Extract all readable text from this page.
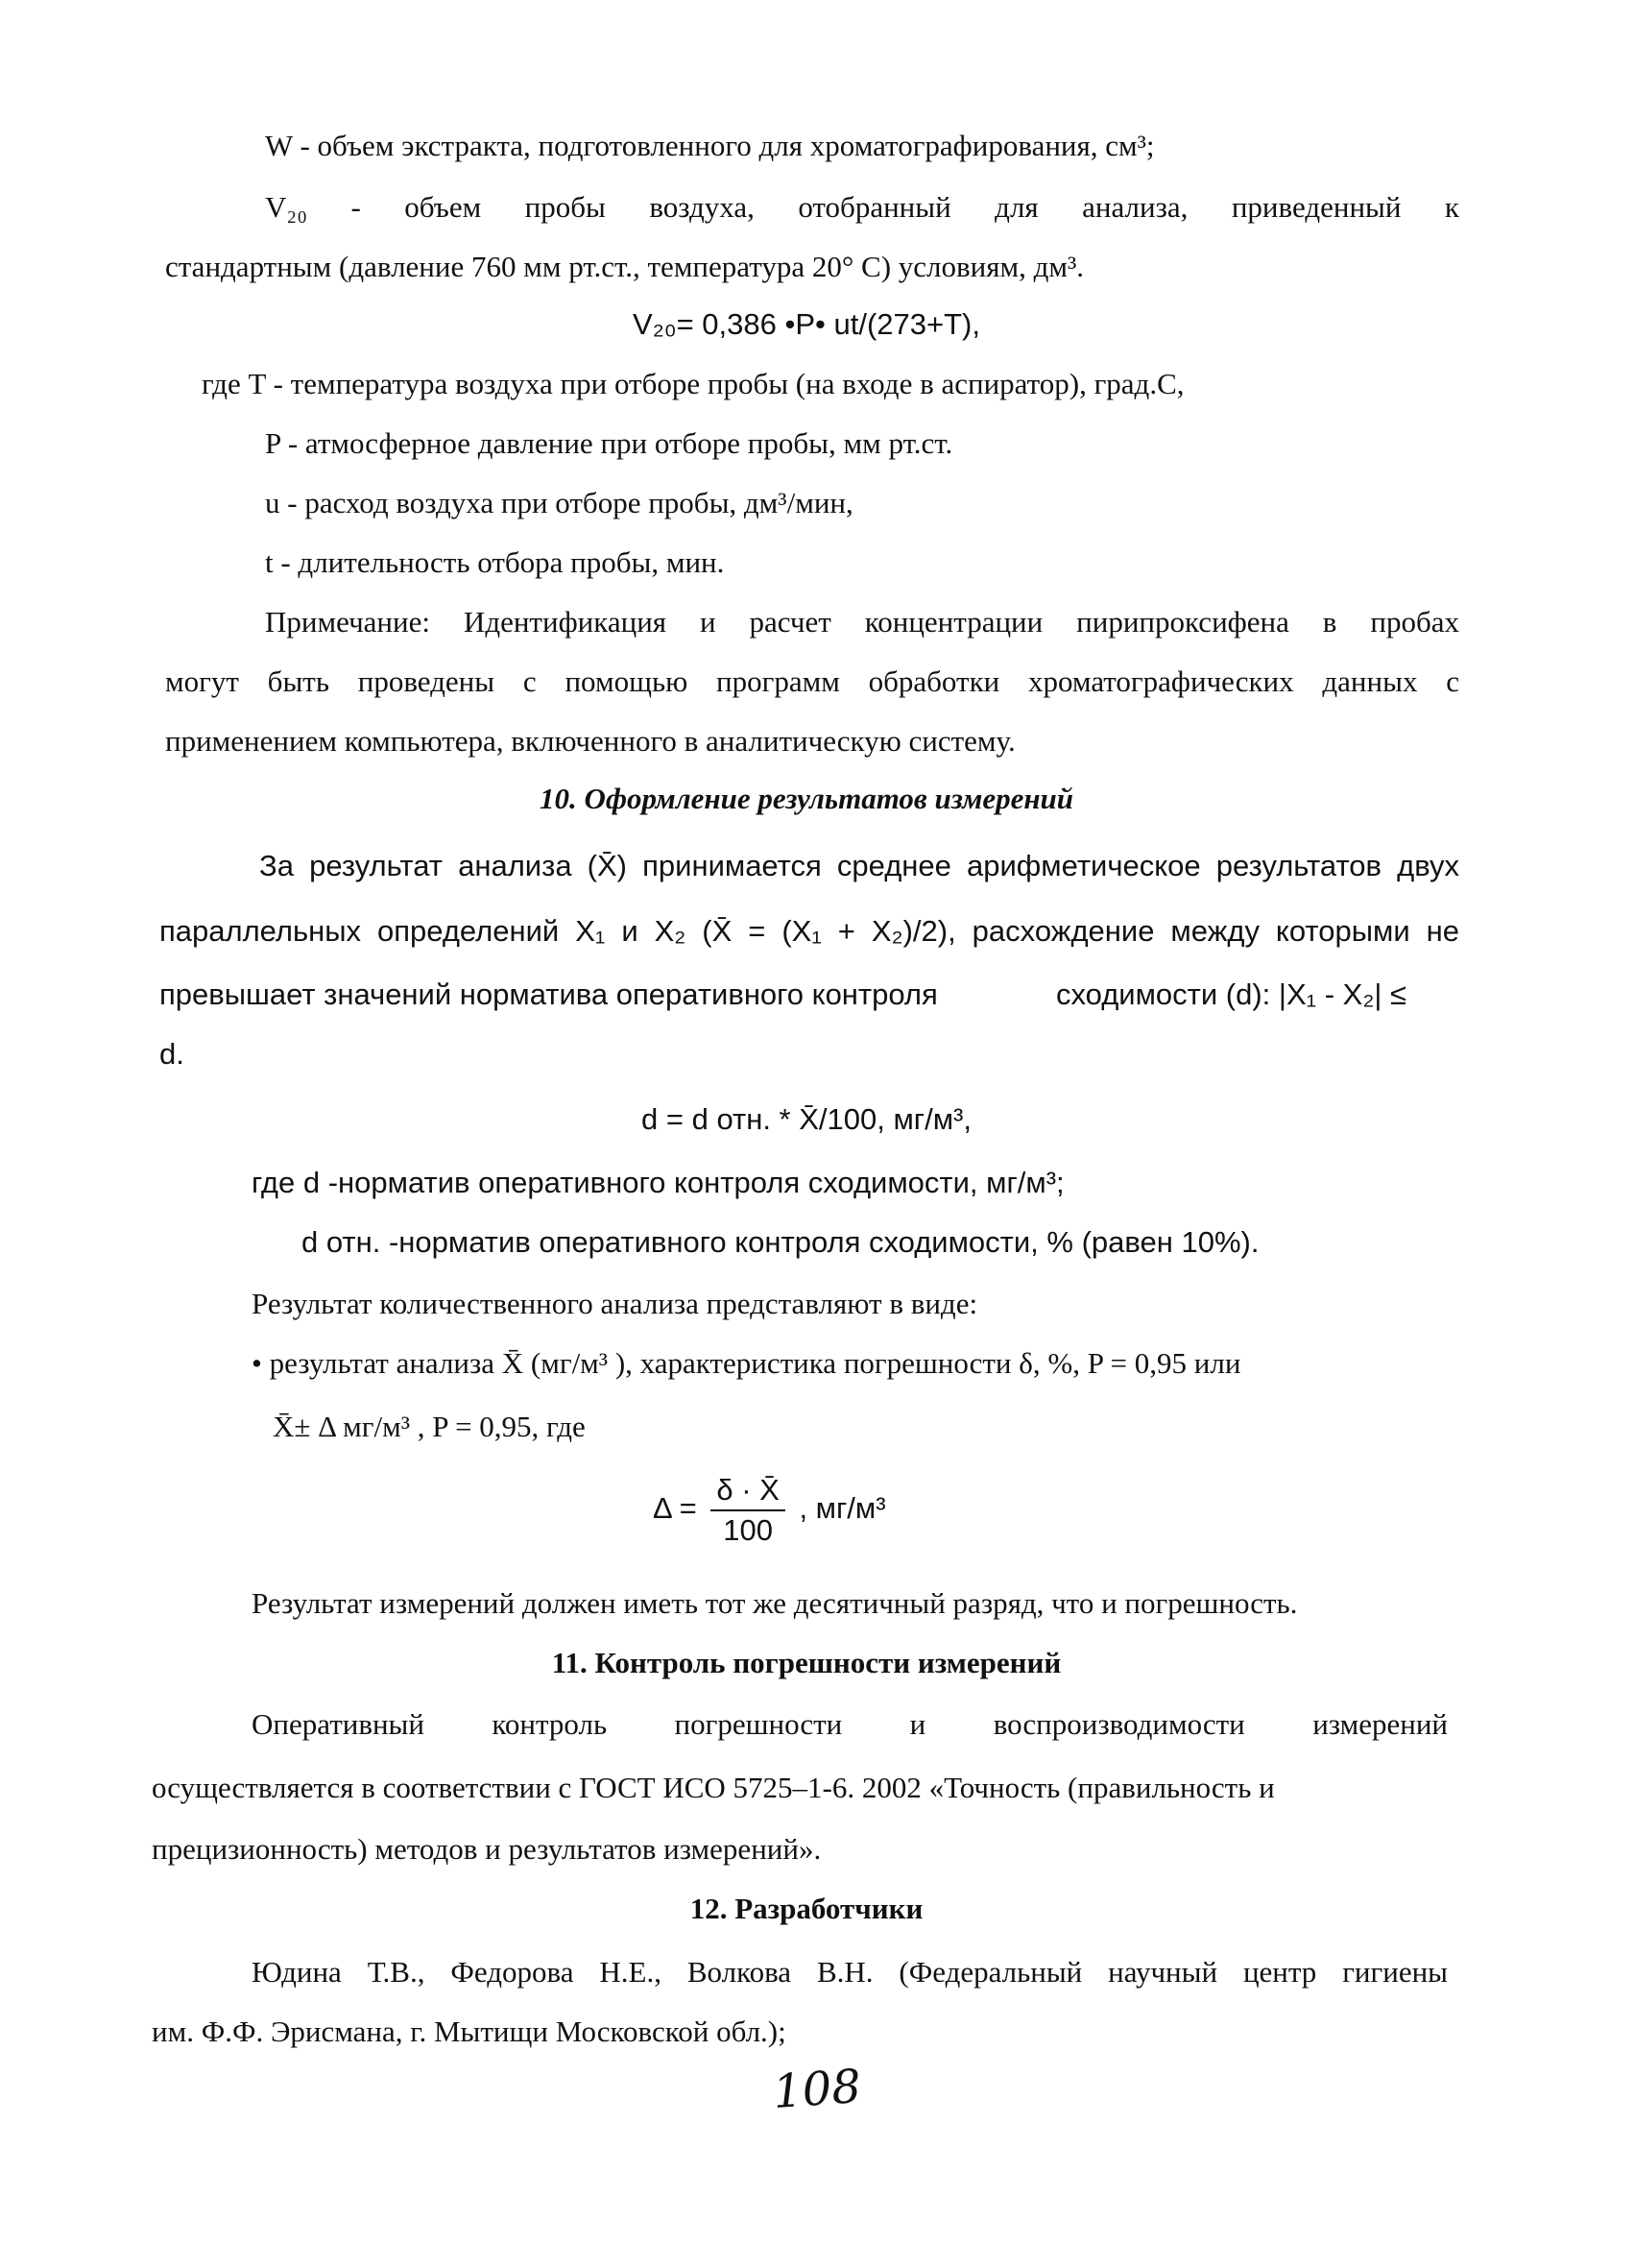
W - объем экстракта, подготовленного для хроматографирования, см³;

V₂₀ - объем пробы воздуха, отобранный для анализа, приведенный к

стандартным (давление 760 мм рт.ст., температура 20° С) условиям, дм³.

V₂₀= 0,386 •P• ut/(273+T),

где T - температура воздуха при отборе пробы (на входе в аспиратор), град.С,

P - атмосферное давление при отборе пробы, мм рт.ст.

u - расход воздуха при отборе пробы, дм³/мин,

t - длительность отбора пробы, мин.

Примечание: Идентификация и расчет концентрации пирипроксифена в пробах

могут быть проведены с помощью программ обработки хроматографических данных с

применением компьютера, включенного в аналитическую систему.

10. Оформление результатов измерений

За результат анализа (X̄) принимается среднее арифметическое результатов двух

параллельных определений X₁ и X₂ (X̄ = (X₁ + X₂)/2), расхождение между которыми не

превышает значений норматива оперативного контроля	сходимости (d): |X₁ - X₂| ≤

d.

d = d отн. * X̄/100, мг/м³,

где d -норматив оперативного контроля сходимости, мг/м³;

d отн. -норматив оперативного контроля сходимости, % (равен 10%).

Результат количественного анализа представляют в виде:

• результат анализа X̄ (мг/м³ ), характеристика погрешности δ, %, P = 0,95 или

X̄± Δ мг/м³ , P = 0,95, где

$\Delta = \frac{\delta \cdot X̄}{100}$ , мг/м³

Результат измерений должен иметь тот же десятичный разряд, что и погрешность.

11. Контроль погрешности измерений

Оперативный контроль погрешности и воспроизводимости измерений

осуществляется в соответствии с ГОСТ ИСО 5725–1-6. 2002 «Точность (правильность и

прецизионность) методов и результатов измерений».

12. Разработчики

Юдина Т.В., Федорова Н.Е., Волкова В.Н. (Федеральный научный центр гигиены

им. Ф.Ф. Эрисмана, г. Мытищи Московской обл.);

108
